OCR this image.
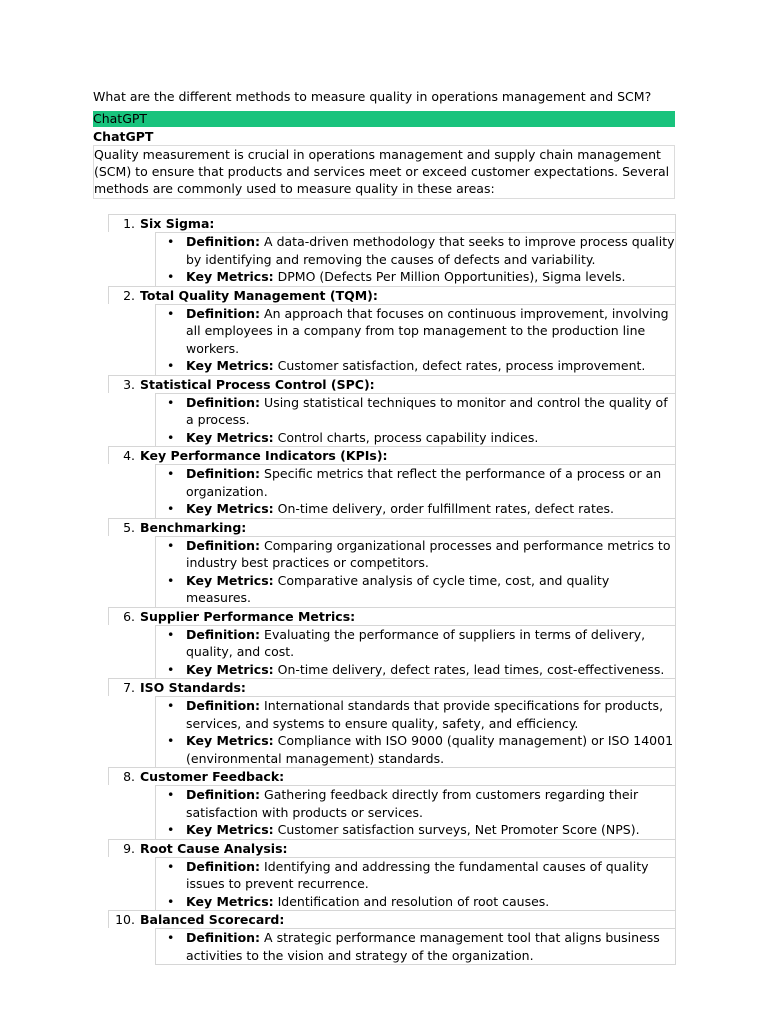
What are the different methods to measure quality in operations management and SCM?
ChatGPT
ChatGPT
Quality measurement is crucial in operations management and supply chain management (SCM) to ensure that products and services meet or exceed customer expectations. Several methods are commonly used to measure quality in these areas:
1. Six Sigma:
• Definition: A data-driven methodology that seeks to improve process quality by identifying and removing the causes of defects and variability.
• Key Metrics: DPMO (Defects Per Million Opportunities), Sigma levels.
2. Total Quality Management (TQM):
• Definition: An approach that focuses on continuous improvement, involving all employees in a company from top management to the production line workers.
• Key Metrics: Customer satisfaction, defect rates, process improvement.
3. Statistical Process Control (SPC):
• Definition: Using statistical techniques to monitor and control the quality of a process.
• Key Metrics: Control charts, process capability indices.
4. Key Performance Indicators (KPIs):
• Definition: Specific metrics that reflect the performance of a process or an organization.
• Key Metrics: On-time delivery, order fulfillment rates, defect rates.
5. Benchmarking:
• Definition: Comparing organizational processes and performance metrics to industry best practices or competitors.
• Key Metrics: Comparative analysis of cycle time, cost, and quality measures.
6. Supplier Performance Metrics:
• Definition: Evaluating the performance of suppliers in terms of delivery, quality, and cost.
• Key Metrics: On-time delivery, defect rates, lead times, cost-effectiveness.
7. ISO Standards:
• Definition: International standards that provide specifications for products, services, and systems to ensure quality, safety, and efficiency.
• Key Metrics: Compliance with ISO 9000 (quality management) or ISO 14001 (environmental management) standards.
8. Customer Feedback:
• Definition: Gathering feedback directly from customers regarding their satisfaction with products or services.
• Key Metrics: Customer satisfaction surveys, Net Promoter Score (NPS).
9. Root Cause Analysis:
• Definition: Identifying and addressing the fundamental causes of quality issues to prevent recurrence.
• Key Metrics: Identification and resolution of root causes.
10. Balanced Scorecard:
• Definition: A strategic performance management tool that aligns business activities to the vision and strategy of the organization.
